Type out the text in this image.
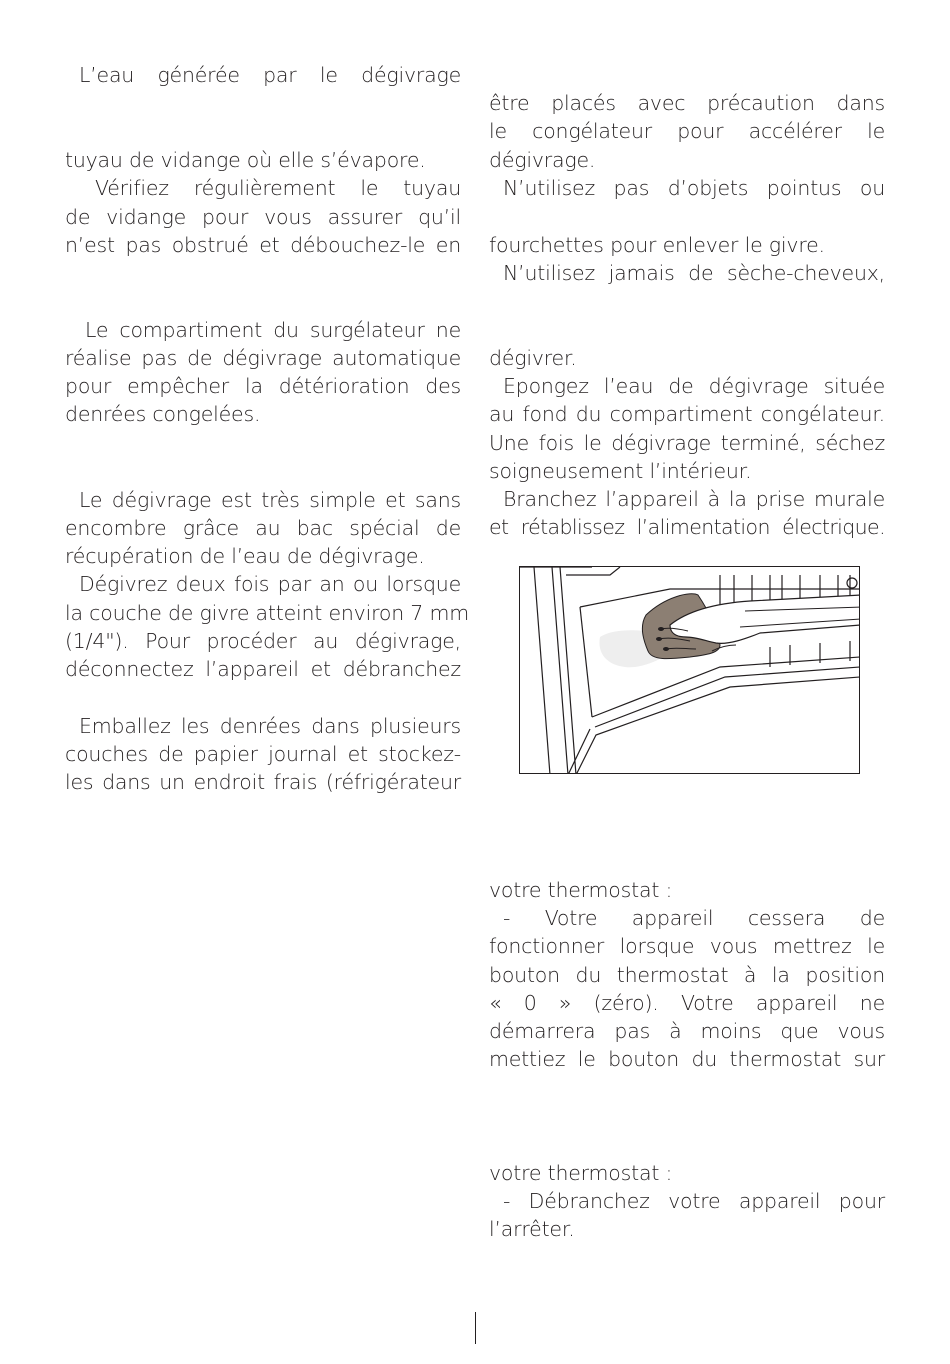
L’eau générée par le dégivrage
tuyau de vidange où elle s’évapore.
Vérifiez régulièrement le tuyau
de vidange pour vous assurer qu’il
n’est pas obstrué et débouchez-le en
Le compartiment du surgélateur ne
réalise pas de dégivrage automatique
pour empêcher la détérioration des
denrées congelées.
Le dégivrage est très simple et sans
encombre grâce au bac spécial de
récupération de l’eau de dégivrage.
Dégivrez deux fois par an ou lorsque
la couche de givre atteint environ 7 mm
(1/4"). Pour procéder au dégivrage,
déconnectez l’appareil et débranchez
Emballez les denrées dans plusieurs
couches de papier journal et stockez-
les dans un endroit frais (réfrigérateur
être placés avec précaution dans
le congélateur pour accélérer le
dégivrage.
N’utilisez pas d’objets pointus ou
fourchettes pour enlever le givre.
N’utilisez jamais de sèche-cheveux,
dégivrer.
Epongez l’eau de dégivrage située
au fond du compartiment congélateur.
Une fois le dégivrage terminé, séchez
soigneusement l’intérieur.
Branchez l’appareil à la prise murale
et rétablissez l’alimentation électrique.
votre thermostat :
- Votre appareil cessera de
fonctionner lorsque vous mettrez le
bouton du thermostat à la position
« 0 » (zéro). Votre appareil ne
démarrera pas à moins que vous
mettiez le bouton du thermostat sur
votre thermostat :
- Débranchez votre appareil pour
l’arrêter.
